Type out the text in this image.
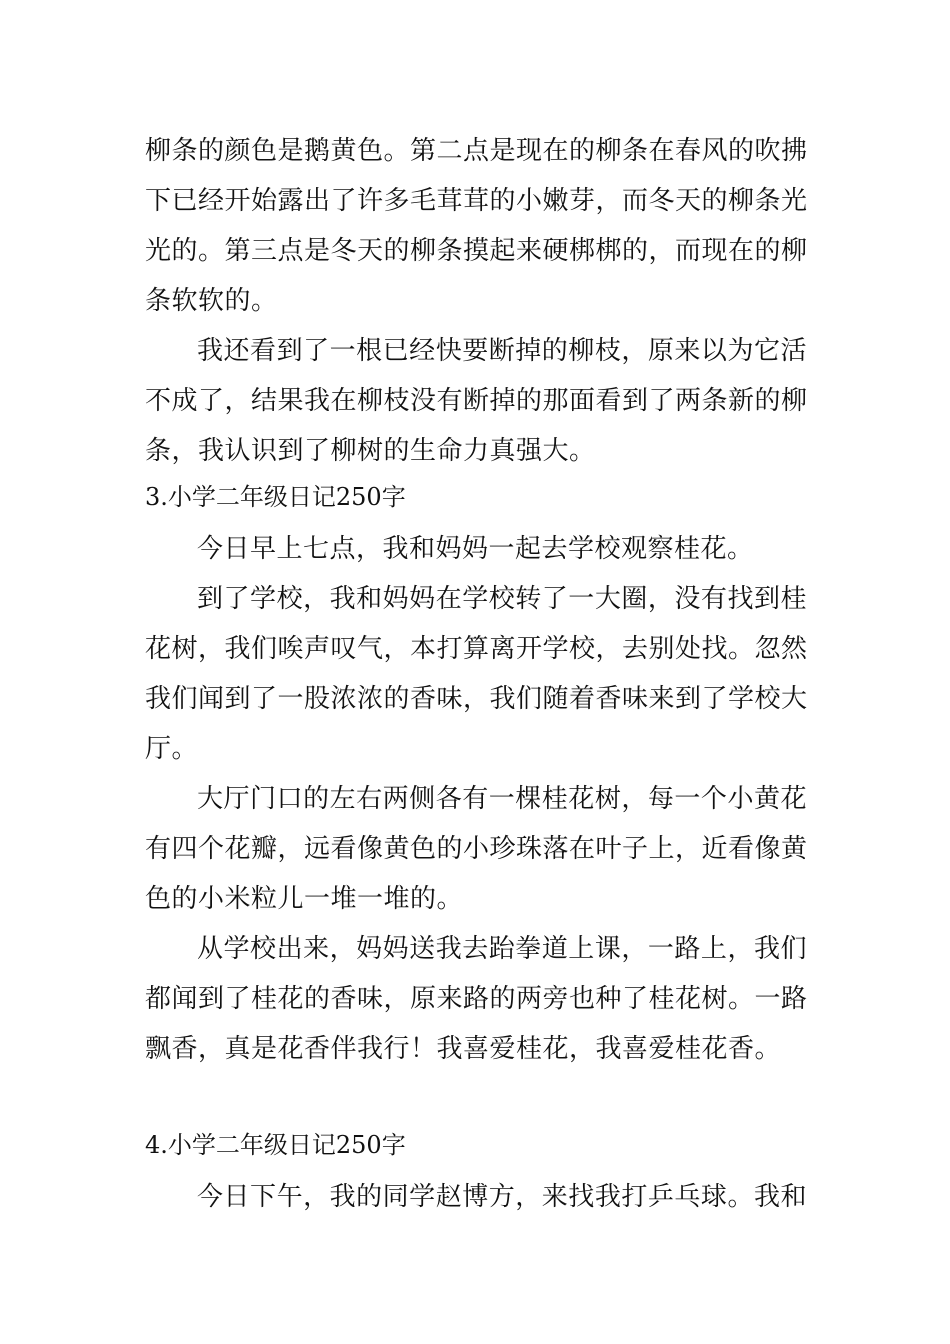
柳条的颜色是鹅黄色。第二点是现在的柳条在春风的吹拂
下已经开始露出了许多毛茸茸的小嫩芽，而冬天的柳条光
光的。第三点是冬天的柳条摸起来硬梆梆的，而现在的柳
条软软的。
我还看到了一根已经快要断掉的柳枝，原来以为它活
不成了，结果我在柳枝没有断掉的那面看到了两条新的柳
条，我认识到了柳树的生命力真强大。
3.小学二年级日记250字
今日早上七点，我和妈妈一起去学校观察桂花。
到了学校，我和妈妈在学校转了一大圈，没有找到桂
花树，我们唉声叹气，本打算离开学校，去别处找。忽然
我们闻到了一股浓浓的香味，我们随着香味来到了学校大
厅。
大厅门口的左右两侧各有一棵桂花树，每一个小黄花
有四个花瓣，远看像黄色的小珍珠落在叶子上，近看像黄
色的小米粒儿一堆一堆的。
从学校出来，妈妈送我去跆拳道上课，一路上，我们
都闻到了桂花的香味，原来路的两旁也种了桂花树。一路
飘香，真是花香伴我行！我喜爱桂花，我喜爱桂花香。
4.小学二年级日记250字
今日下午，我的同学赵博方，来找我打乒乓球。我和
